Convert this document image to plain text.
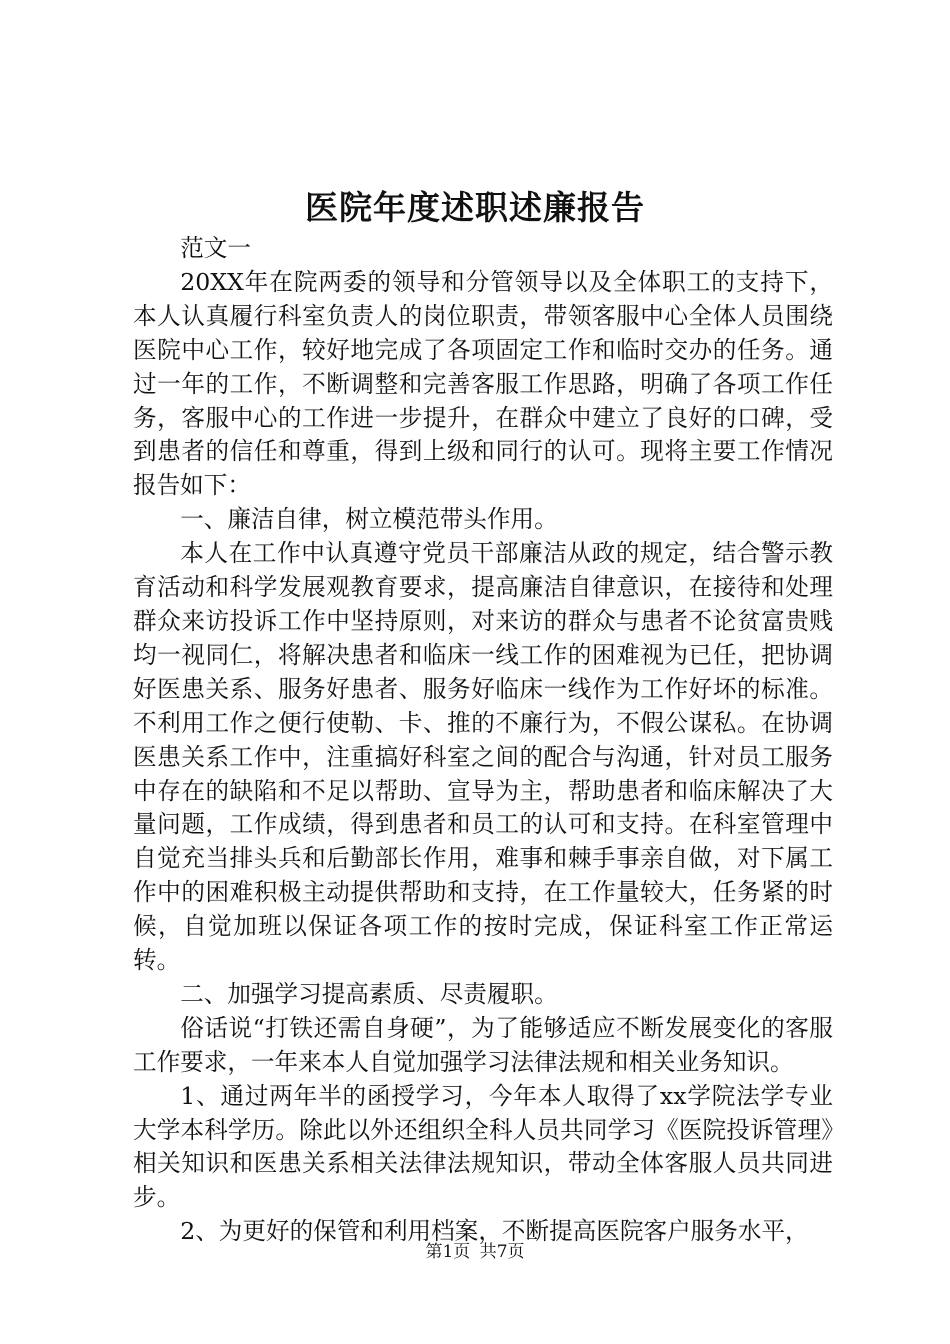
医院年度述职述廉报告

范文一

20XX年在院两委的领导和分管领导以及全体职工的支持下，本人认真履行科室负责人的岗位职责，带领客服中心全体人员围绕医院中心工作，较好地完成了各项固定工作和临时交办的任务。通过一年的工作，不断调整和完善客服工作思路，明确了各项工作任务，客服中心的工作进一步提升，在群众中建立了良好的口碑，受到患者的信任和尊重，得到上级和同行的认可。现将主要工作情况报告如下：

一、廉洁自律，树立模范带头作用。

本人在工作中认真遵守党员干部廉洁从政的规定，结合警示教育活动和科学发展观教育要求，提高廉洁自律意识，在接待和处理群众来访投诉工作中坚持原则，对来访的群众与患者不论贫富贵贱均一视同仁，将解决患者和临床一线工作的困难视为已任，把协调好医患关系、服务好患者、服务好临床一线作为工作好坏的标准。不利用工作之便行使勒、卡、推的不廉行为，不假公谋私。在协调医患关系工作中，注重搞好科室之间的配合与沟通，针对员工服务中存在的缺陷和不足以帮助、宣导为主，帮助患者和临床解决了大量问题，工作成绩，得到患者和员工的认可和支持。在科室管理中自觉充当排头兵和后勤部长作用，难事和棘手事亲自做，对下属工作中的困难积极主动提供帮助和支持，在工作量较大，任务紧的时候，自觉加班以保证各项工作的按时完成，保证科室工作正常运转。

二、加强学习提高素质、尽责履职。

俗话说“打铁还需自身硬”，为了能够适应不断发展变化的客服工作要求，一年来本人自觉加强学习法律法规和相关业务知识。

1、通过两年半的函授学习，今年本人取得了xx学院法学专业大学本科学历。除此以外还组织全科人员共同学习《医院投诉管理》相关知识和医患关系相关法律法规知识，带动全体客服人员共同进步。

2、为更好的保管和利用档案，不断提高医院客户服务水平，

第1页 共7页
